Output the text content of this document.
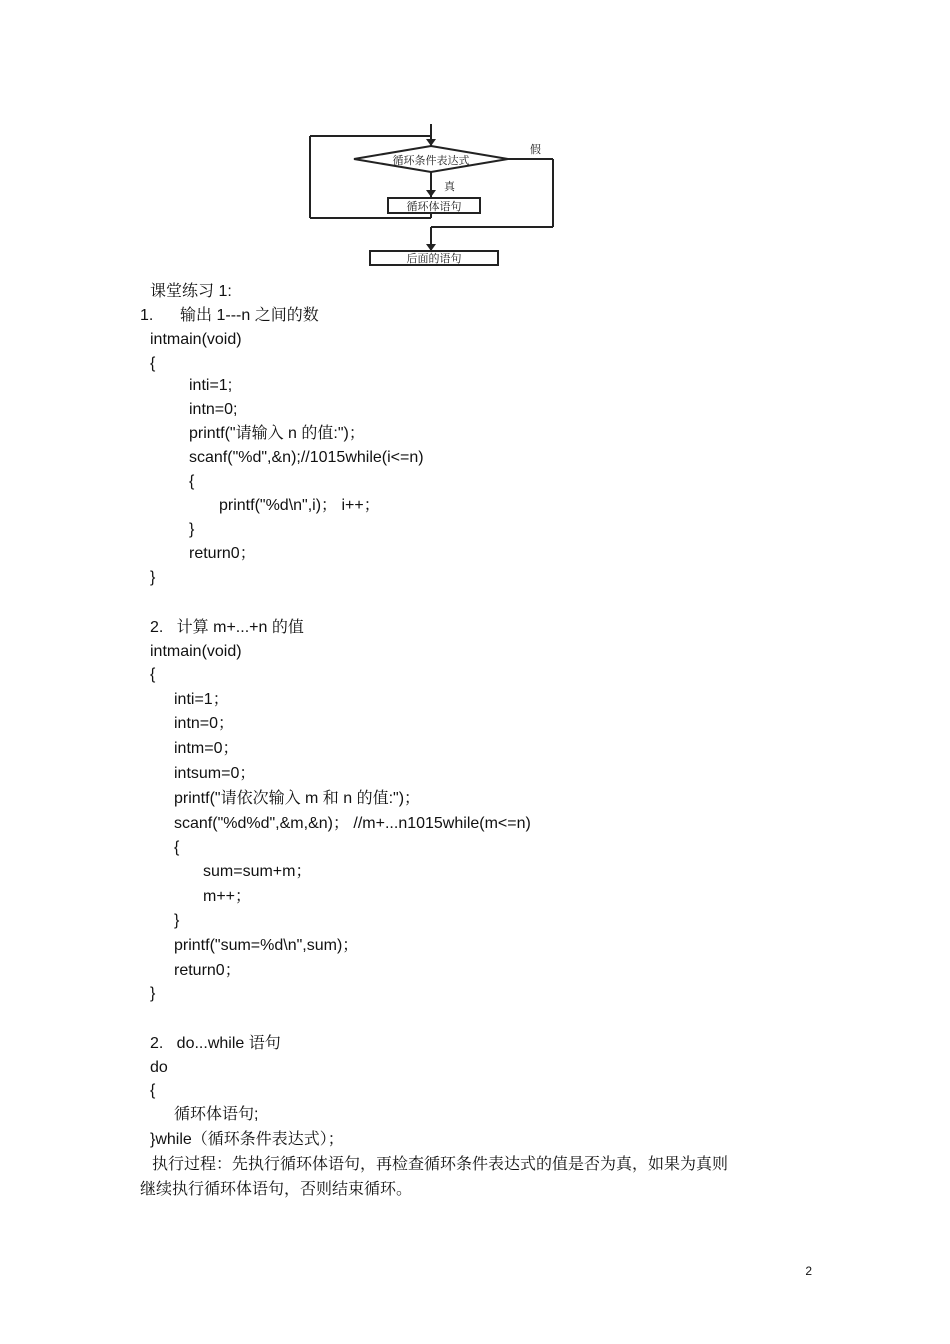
循环条件表达式
假
真
循环体语句
后面的语句
课堂练习 1:
1.      输出 1---n 之间的数
intmain(void)
{
inti=1;
intn=0;
printf("请输入 n 的值:")；
scanf("%d",&n);//1015while(i<=n)
{
printf("%d\n",i)； i++；
}
return0；
}
2.   计算 m+...+n 的值
intmain(void)
{
inti=1；
intn=0；
intm=0；
intsum=0；
printf("请依次输入 m 和 n 的值:")；
scanf("%d%d",&m,&n)； //m+...n1015while(m<=n)
{
sum=sum+m；
m++；
}
printf("sum=%d\n",sum)；
return0；
}
2.   do...while 语句
do
{
循环体语句;
}while（循环条件表达式）；
执行过程：先执行循环体语句，再检查循环条件表达式的值是否为真，如果为真则
继续执行循环体语句，否则结束循环。
2
